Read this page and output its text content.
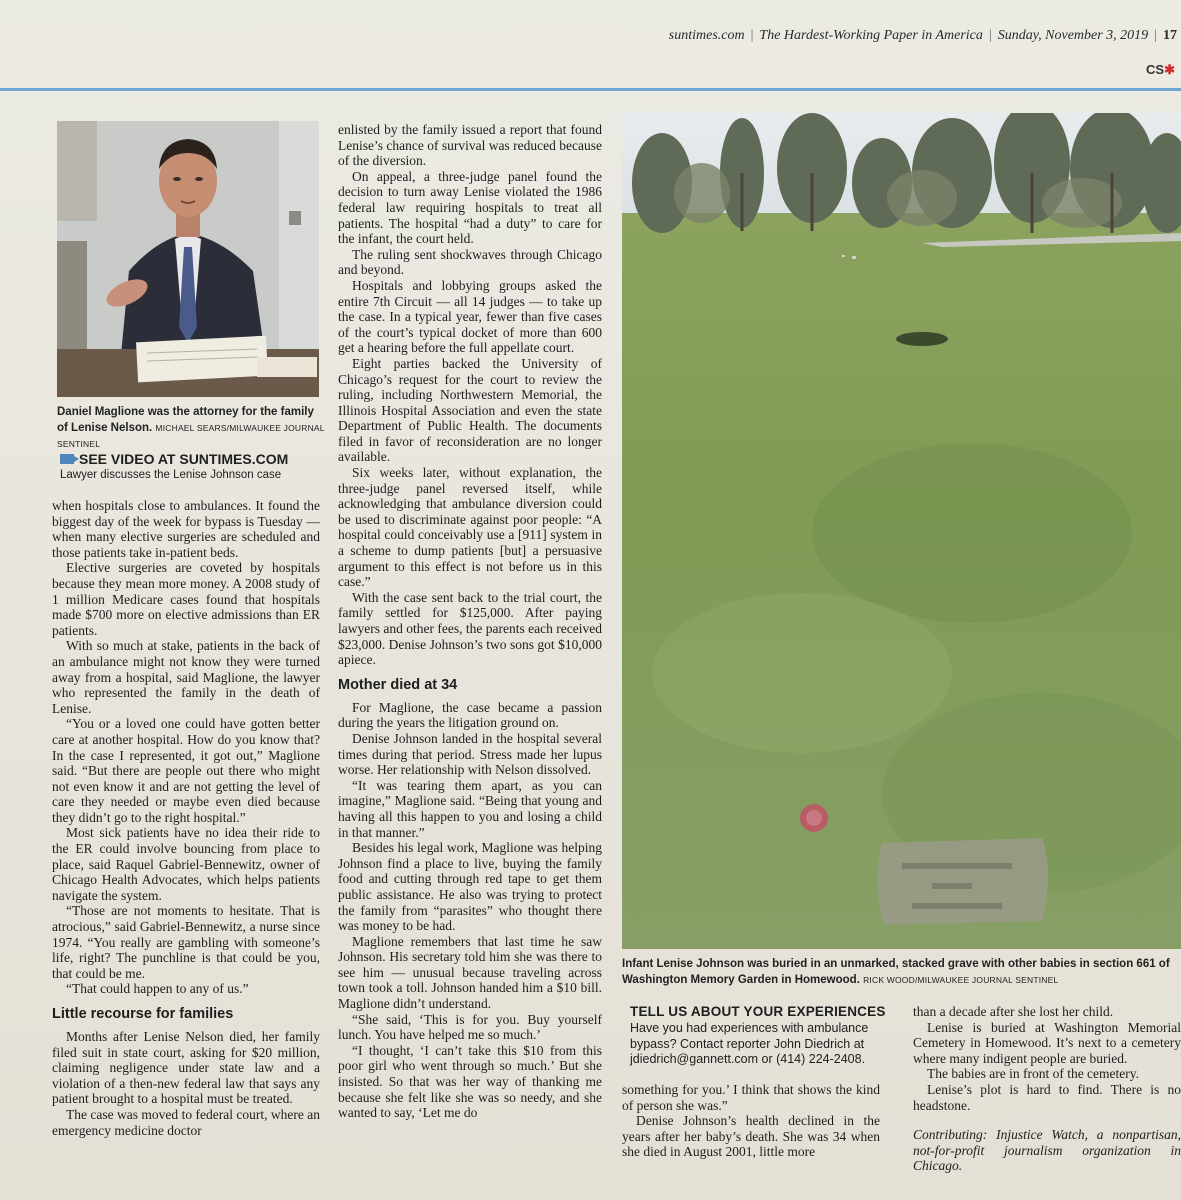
suntimes.com | The Hardest-Working Paper in America | Sunday, November 3, 2019 | 17
CS✱
Daniel Maglione was the attorney for the family of Lenise Nelson. MICHAEL SEARS/MILWAUKEE JOURNAL SENTINEL
SEE VIDEO AT SUNTIMES.COM
Lawyer discusses the Lenise Johnson case

when hospitals close to ambulances. It found the biggest day of the week for bypass is Tuesday — when many elective surgeries are scheduled and those patients take in-patient beds.

Elective surgeries are coveted by hospitals because they mean more money. A 2008 study of 1 million Medicare cases found that hospitals made $700 more on elective admissions than ER patients.

With so much at stake, patients in the back of an ambulance might not know they were turned away from a hospital, said Maglione, the lawyer who represented the family in the death of Lenise.

“You or a loved one could have gotten better care at another hospital. How do you know that? In the case I represented, it got out,” Maglione said. “But there are people out there who might not even know it and are not getting the level of care they needed or maybe even died because they didn’t go to the right hospital.”

Most sick patients have no idea their ride to the ER could involve bouncing from place to place, said Raquel Gabriel-Bennewitz, owner of Chicago Health Advocates, which helps patients navigate the system.

“Those are not moments to hesitate. That is atrocious,” said Gabriel-Bennewitz, a nurse since 1974. “You really are gambling with someone’s life, right? The punchline is that could be you, that could be me.

“That could happen to any of us.”

Little recourse for families

Months after Lenise Nelson died, her family filed suit in state court, asking for $20 million, claiming negligence under state law and a violation of a then-new federal law that says any patient brought to a hospital must be treated.

The case was moved to federal court, where an emergency medicine doctor

enlisted by the family issued a report that found Lenise’s chance of survival was reduced because of the diversion.

On appeal, a three-judge panel found the decision to turn away Lenise violated the 1986 federal law requiring hospitals to treat all patients. The hospital “had a duty” to care for the infant, the court held.

The ruling sent shockwaves through Chicago and beyond.

Hospitals and lobbying groups asked the entire 7th Circuit — all 14 judges — to take up the case. In a typical year, fewer than five cases of the court’s typical docket of more than 600 get a hearing before the full appellate court.

Eight parties backed the University of Chicago’s request for the court to review the ruling, including Northwestern Memorial, the Illinois Hospital Association and even the state Department of Public Health. The documents filed in favor of reconsideration are no longer available.

Six weeks later, without explanation, the three-judge panel reversed itself, while acknowledging that ambulance diversion could be used to discriminate against poor people: “A hospital could conceivably use a [911] system in a scheme to dump patients [but] a persuasive argument to this effect is not before us in this case.”

With the case sent back to the trial court, the family settled for $125,000. After paying lawyers and other fees, the parents each received $23,000. Denise Johnson’s two sons got $10,000 apiece.

Mother died at 34

For Maglione, the case became a passion during the years the litigation ground on.

Denise Johnson landed in the hospital several times during that period. Stress made her lupus worse. Her relationship with Nelson dissolved.

“It was tearing them apart, as you can imagine,” Maglione said. “Being that young and having all this happen to you and losing a child in that manner.”

Besides his legal work, Maglione was helping Johnson find a place to live, buying the family food and cutting through red tape to get them public assistance. He also was trying to protect the family from “parasites” who thought there was money to be had.

Maglione remembers that last time he saw Johnson. His secretary told him she was there to see him — unusual because traveling across town took a toll. Johnson handed him a $10 bill. Maglione didn’t understand.

“She said, ‘This is for you. Buy yourself lunch. You have helped me so much.’

“I thought, ‘I can’t take this $10 from this poor girl who went through so much.’ But she insisted. So that was her way of thanking me because she felt like she was so needy, and she wanted to say, ‘Let me do

Infant Lenise Johnson was buried in an unmarked, stacked grave with other babies in section 661 of Washington Memory Garden in Homewood. RICK WOOD/MILWAUKEE JOURNAL SENTINEL
TELL US ABOUT YOUR EXPERIENCES
Have you had experiences with ambulance bypass? Contact reporter John Diedrich at jdiedrich@gannett.com or (414) 224-2408.

something for you.’ I think that shows the kind of person she was.”

Denise Johnson’s health declined in the years after her baby’s death. She was 34 when she died in August 2001, little more

than a decade after she lost her child.

Lenise is buried at Washington Memorial Cemetery in Homewood. It’s next to a cemetery where many indigent people are buried.

The babies are in front of the cemetery.

Lenise’s plot is hard to find. There is no headstone.

Contributing: Injustice Watch, a nonpartisan, not-for-profit journalism organization in Chicago.
